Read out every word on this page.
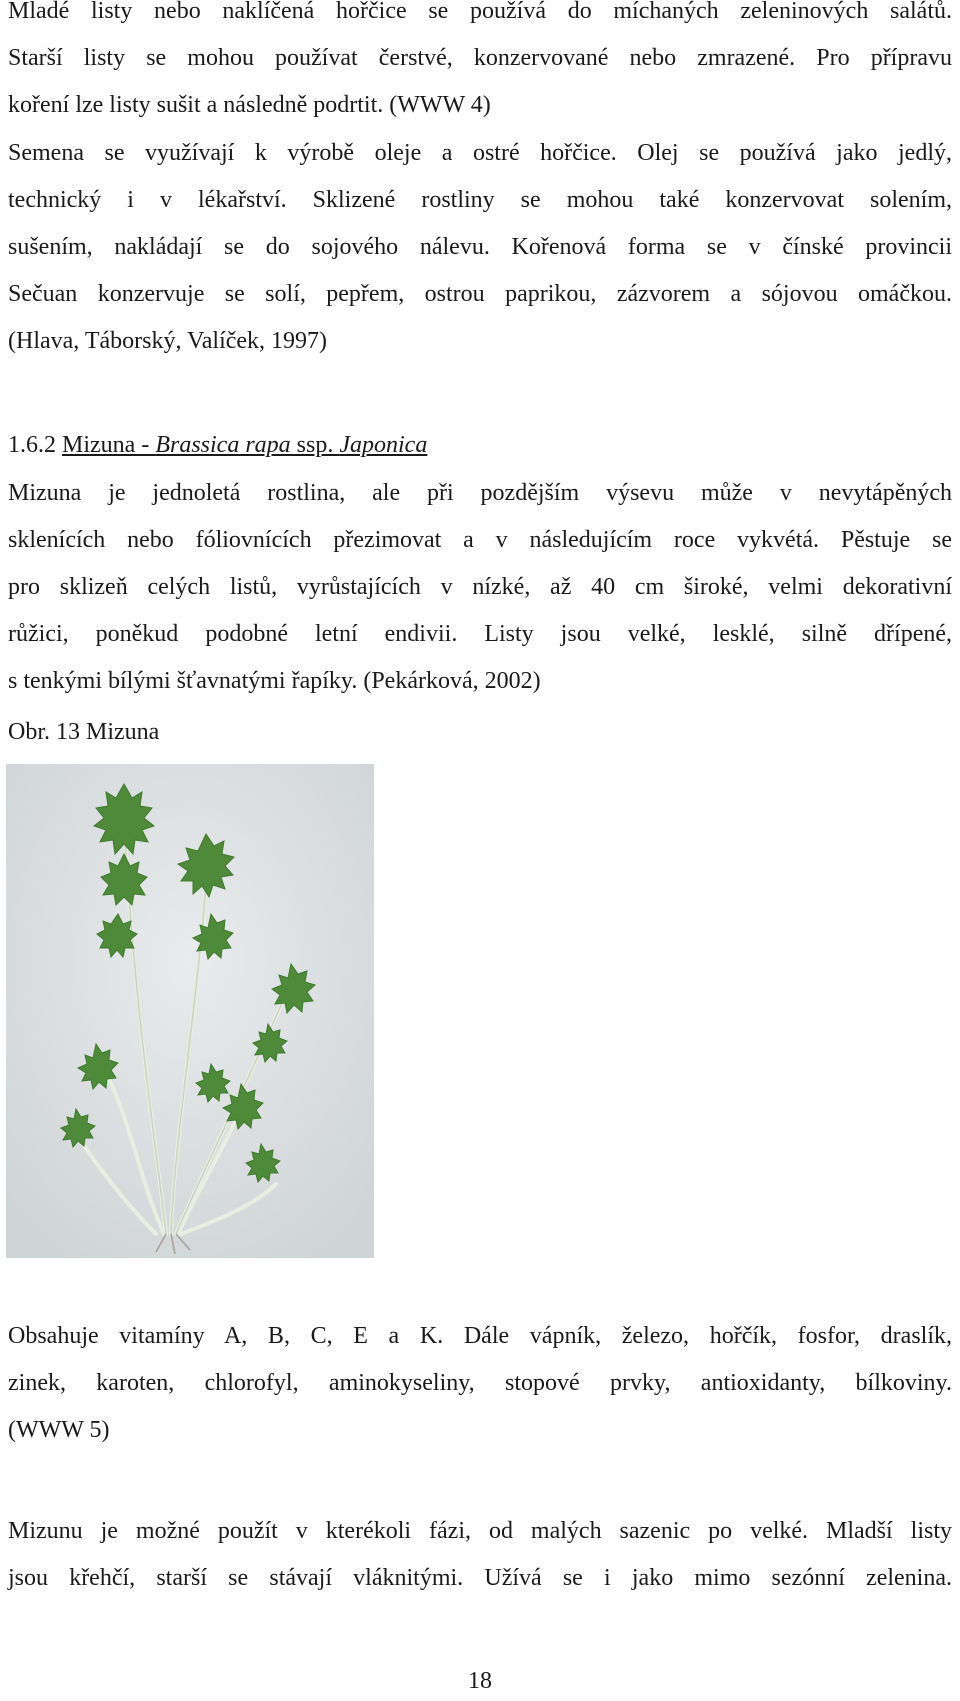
Mladé listy nebo naklíčená hořčice se používá do míchaných zeleninových salátů.
Starší listy se mohou používat čerstvé, konzervované nebo zmrazené. Pro přípravu
koření lze listy sušit a následně podrtit. (WWW 4)
Semena se využívají k výrobě oleje a ostré hořčice. Olej se používá jako jedlý,
technický i v lékařství. Sklizené rostliny se mohou také konzervovat solením,
sušením, nakládají se do sojového nálevu. Kořenová forma se v čínské provincii
Sečuan konzervuje se solí, pepřem, ostrou paprikou, zázvorem a sójovou omáčkou.
(Hlava, Táborský, Valíček, 1997)
1.6.2 Mizuna - Brassica rapa ssp. Japonica
Mizuna je jednoletá rostlina, ale při pozdějším výsevu může v nevytápěných
sklenících nebo fóliovnících přezimovat a v následujícím roce vykvétá. Pěstuje se
pro sklizeň celých listů, vyrůstajících v nízké, až 40 cm široké, velmi dekorativní
růžici, poněkud podobné letní endivii. Listy jsou velké, lesklé, silně dřípené,
s tenkými bílými šťavnatými řapíky. (Pekárková, 2002)
Obr. 13 Mizuna
Obsahuje vitamíny A, B, C, E a K. Dále vápník, železo, hořčík, fosfor, draslík,
zinek, karoten, chlorofyl, aminokyseliny, stopové prvky, antioxidanty, bílkoviny.
(WWW 5)
Mizunu je možné použít v kterékoli fázi, od malých sazenic po velké. Mladší listy
jsou křehčí, starší se stávají vláknitými. Užívá se i jako mimo sezónní zelenina.
18
